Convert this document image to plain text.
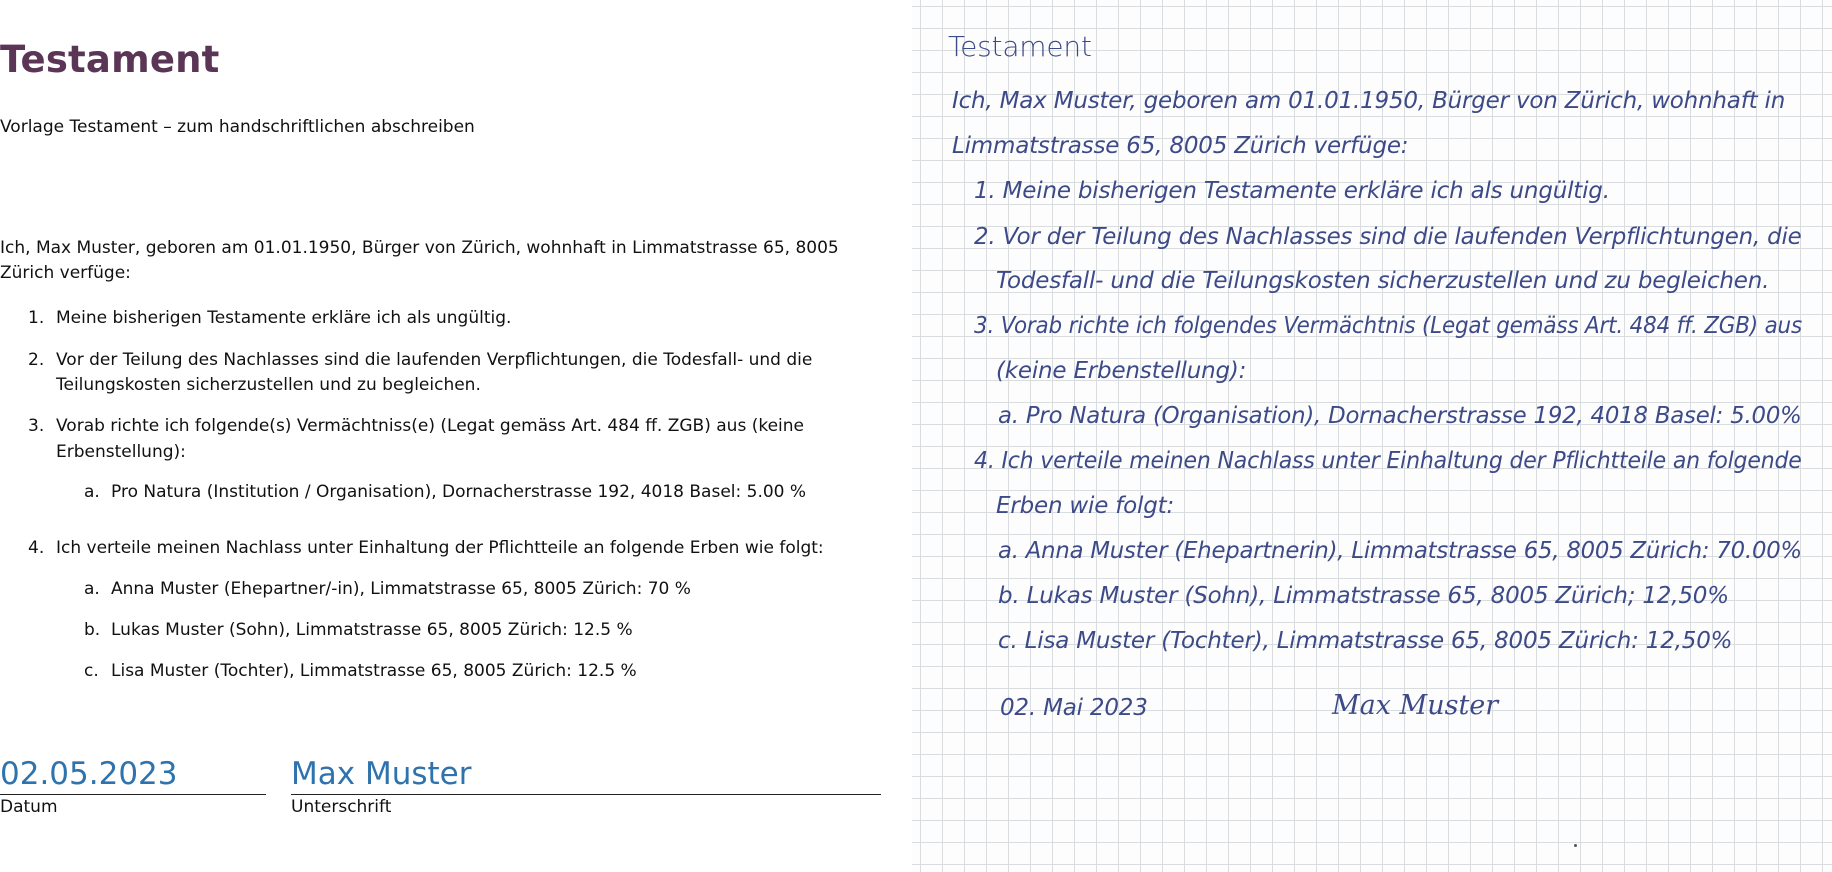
Testament
Vorlage Testament – zum handschriftlichen abschreiben
Ich, Max Muster, geboren am 01.01.1950, Bürger von Zürich, wohnhaft in Limmatstrasse 65, 8005 Zürich verfüge:
1. Meine bisherigen Testamente erkläre ich als ungültig.
2. Vor der Teilung des Nachlasses sind die laufenden Verpflichtungen, die Todesfall- und die
Teilungskosten sicherzustellen und zu begleichen.
3. Vorab richte ich folgende(s) Vermächtniss(e) (Legat gemäss Art. 484 ff. ZGB) aus (keine
Erbenstellung):
a. Pro Natura (Institution / Organisation), Dornacherstrasse 192, 4018 Basel: 5.00 %
4. Ich verteile meinen Nachlass unter Einhaltung der Pflichtteile an folgende Erben wie folgt:
a. Anna Muster (Ehepartner/-in), Limmatstrasse 65, 8005 Zürich: 70 %
b. Lukas Muster (Sohn), Limmatstrasse 65, 8005 Zürich: 12.5 %
c. Lisa Muster (Tochter), Limmatstrasse 65, 8005 Zürich: 12.5 %
02.05.2023
Datum
Max Muster
Unterschrift
Testament
Ich, Max Muster, geboren am 01.01.1950, Bürger von Zürich, wohnhaft in
Limmatstrasse 65, 8005 Zürich verfüge:
1. Meine bisherigen Testamente erkläre ich als ungültig.
2. Vor der Teilung des Nachlasses sind die laufenden Verpflichtungen, die
Todesfall- und die Teilungskosten sicherzustellen und zu begleichen.
3. Vorab richte ich folgendes Vermächtnis (Legat gemäss Art. 484 ff. ZGB) aus
(keine Erbenstellung):
a. Pro Natura (Organisation), Dornacherstrasse 192, 4018 Basel: 5.00%
4. Ich verteile meinen Nachlass unter Einhaltung der Pflichtteile an folgende
Erben wie folgt:
a. Anna Muster (Ehepartnerin), Limmatstrasse 65, 8005 Zürich: 70.00%
b. Lukas Muster (Sohn), Limmatstrasse 65, 8005 Zürich; 12,50%
c. Lisa Muster (Tochter), Limmatstrasse 65, 8005 Zürich: 12,50%
02. Mai 2023	Max Muster
